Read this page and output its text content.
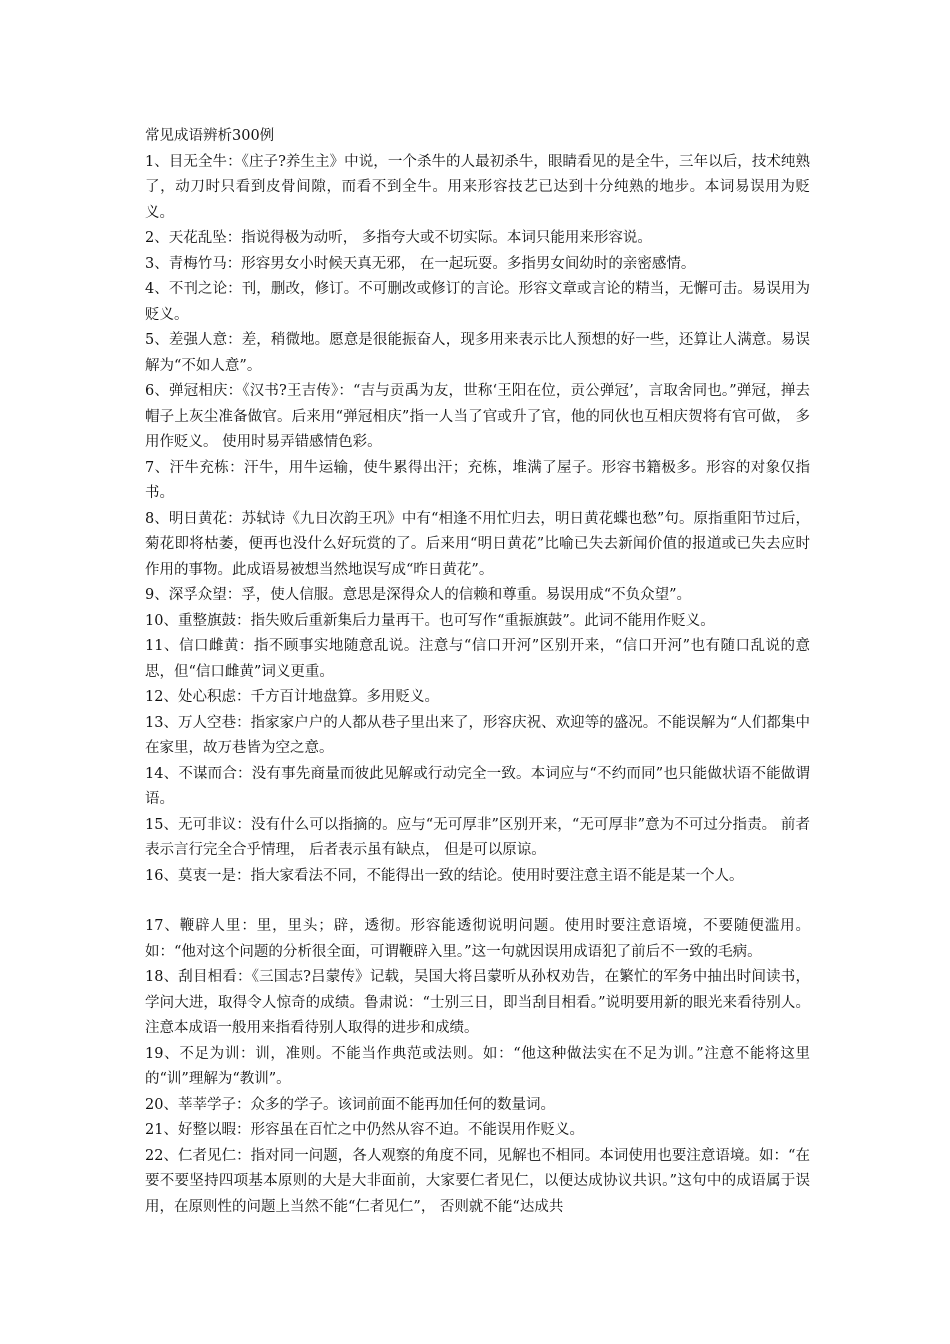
常见成语辨析300例

1、目无全牛：《庄子?养生主》中说，一个杀牛的人最初杀牛，眼睛看见的是全牛，三年以后，技术纯熟了，动刀时只看到皮骨间隙，而看不到全牛。用来形容技艺已达到十分纯熟的地步。本词易误用为贬义。

2、天花乱坠：指说得极为动听， 多指夸大或不切实际。本词只能用来形容说。

3、青梅竹马：形容男女小时候天真无邪， 在一起玩耍。多指男女间幼时的亲密感情。

4、不刊之论：刊，删改，修订。不可删改或修订的言论。形容文章或言论的精当，无懈可击。易误用为贬义。

5、差强人意：差，稍微地。愿意是很能振奋人，现多用来表示比人预想的好一些，还算让人满意。易误解为“不如人意”。

6、弹冠相庆：《汉书?王吉传》：“吉与贡禹为友，世称‘王阳在位，贡公弹冠’，言取舍同也。”弹冠，掸去帽子上灰尘准备做官。后来用“弹冠相庆”指一人当了官或升了官，他的同伙也互相庆贺将有官可做， 多用作贬义。 使用时易弄错感情色彩。

7、汗牛充栋：汗牛，用牛运输，使牛累得出汗；充栋，堆满了屋子。形容书籍极多。形容的对象仅指书。

8、明日黄花：苏轼诗《九日次韵王巩》中有“相逢不用忙归去，明日黄花蝶也愁”句。原指重阳节过后，菊花即将枯萎，便再也没什么好玩赏的了。后来用“明日黄花”比喻已失去新闻价值的报道或已失去应时作用的事物。此成语易被想当然地误写成“昨日黄花”。

9、深孚众望：孚，使人信服。意思是深得众人的信赖和尊重。易误用成“不负众望”。

10、重整旗鼓：指失败后重新集后力量再干。也可写作“重振旗鼓”。此词不能用作贬义。

11、信口雌黄：指不顾事实地随意乱说。注意与“信口开河”区别开来，“信口开河”也有随口乱说的意思，但“信口雌黄”词义更重。

12、处心积虑：千方百计地盘算。多用贬义。

13、万人空巷：指家家户户的人都从巷子里出来了，形容庆祝、欢迎等的盛况。不能误解为“人们都集中在家里，故万巷皆为空之意。

14、不谋而合：没有事先商量而彼此见解或行动完全一致。本词应与“不约而同”也只能做状语不能做谓语。

15、无可非议：没有什么可以指摘的。应与“无可厚非”区别开来，“无可厚非”意为不可过分指责。 前者表示言行完全合乎情理， 后者表示虽有缺点， 但是可以原谅。

16、莫衷一是：指大家看法不同，不能得出一致的结论。使用时要注意主语不能是某一个人。

17、鞭辟人里：里，里头；辟，透彻。形容能透彻说明问题。使用时要注意语境，不要随便滥用。如：“他对这个问题的分析很全面，可谓鞭辟入里。”这一句就因误用成语犯了前后不一致的毛病。

18、刮目相看：《三国志?吕蒙传》记载，吴国大将吕蒙听从孙权劝告，在繁忙的军务中抽出时间读书，学问大进，取得令人惊奇的成绩。鲁肃说：“士别三日，即当刮目相看。”说明要用新的眼光来看待别人。注意本成语一般用来指看待别人取得的进步和成绩。

19、不足为训：训，准则。不能当作典范或法则。如：“他这种做法实在不足为训。”注意不能将这里的“训”理解为“教训”。

20、莘莘学子：众多的学子。该词前面不能再加任何的数量词。

21、好整以暇：形容虽在百忙之中仍然从容不迫。不能误用作贬义。

22、仁者见仁：指对同一问题，各人观察的角度不同，见解也不相同。本词使用也要注意语境。如：“在要不要坚持四项基本原则的大是大非面前，大家要仁者见仁，以便达成协议共识。”这句中的成语属于误用，在原则性的问题上当然不能“仁者见仁”， 否则就不能“达成共
